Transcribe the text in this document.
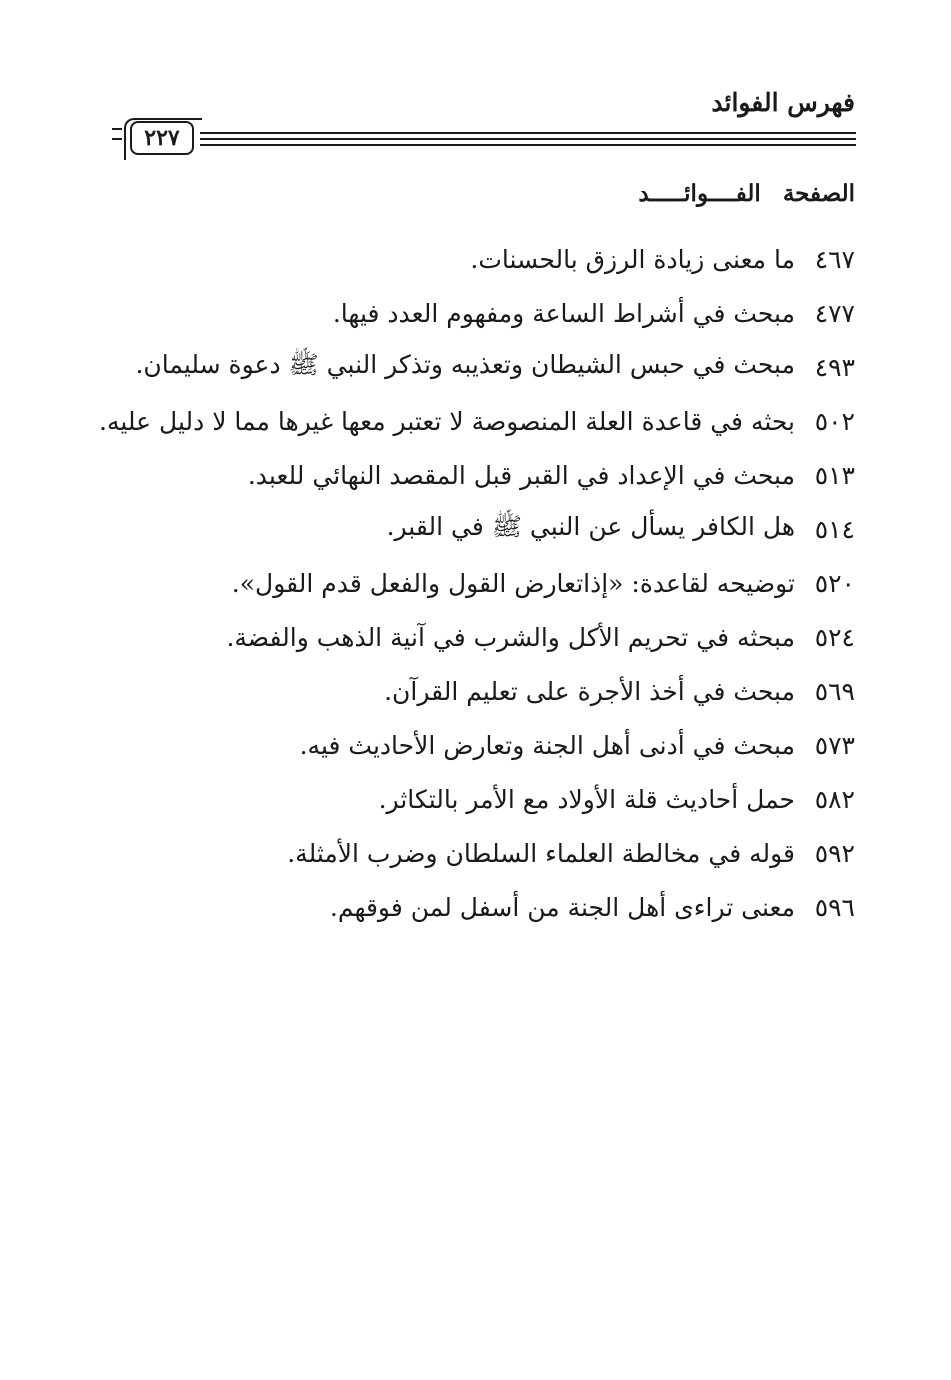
فهرس الفوائد
٢٢٧
الصفحة الفــــوائـــــد
٤٦٧
ما معنى زيادة الرزق بالحسنات.
٤٧٧
مبحث في أشراط الساعة ومفهوم العدد فيها.
٤٩٣
مبحث في حبس الشيطان وتعذيبه وتذكر النبي ﷺ دعوة سليمان.
٥٠٢
بحثه في قاعدة العلة المنصوصة لا تعتبر معها غيرها مما لا دليل عليه.
٥١٣
مبحث في الإعداد في القبر قبل المقصد النهائي للعبد.
٥١٤
هل الكافر يسأل عن النبي ﷺ في القبر.
٥٢٠
توضيحه لقاعدة: «إذاتعارض القول والفعل قدم القول».
٥٢٤
مبحثه في تحريم الأكل والشرب في آنية الذهب والفضة.
٥٦٩
مبحث في أخذ الأجرة على تعليم القرآن.
٥٧٣
مبحث في أدنى أهل الجنة وتعارض الأحاديث فيه.
٥٨٢
حمل أحاديث قلة الأولاد مع الأمر بالتكاثر.
٥٩٢
قوله في مخالطة العلماء السلطان وضرب الأمثلة.
٥٩٦
معنى تراءى أهل الجنة من أسفل لمن فوقهم.
